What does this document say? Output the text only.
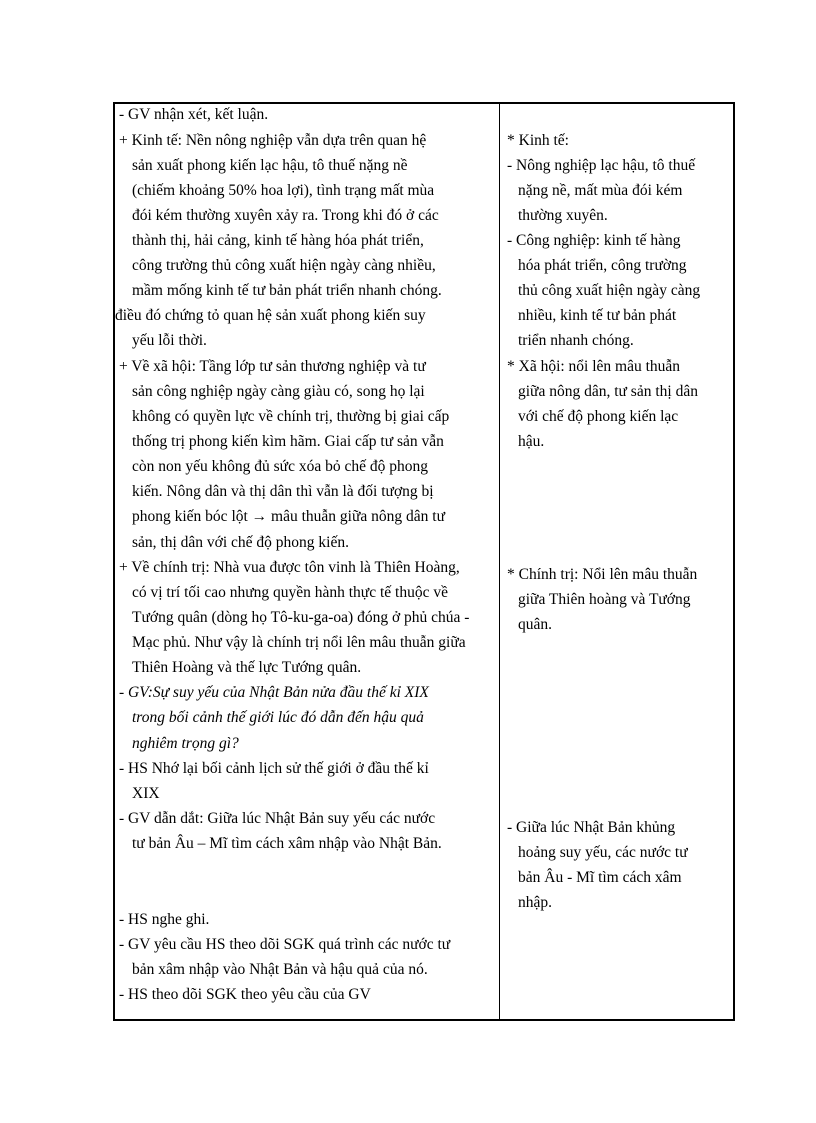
- GV nhận xét, kết luận.
+ Kinh tế: Nền nông nghiệp vẫn dựa trên quan hệ
sản xuất phong kiến lạc hậu, tô thuế nặng nề
(chiếm khoảng 50% hoa lợi), tình trạng mất mùa
đói kém thường xuyên xảy ra. Trong khi đó ở các
thành thị, hải cảng, kinh tế hàng hóa phát triển,
công trường thủ công xuất hiện ngày càng nhiều,
mầm mống kinh tế tư bản phát triển nhanh chóng.
điều đó chứng tỏ quan hệ sản xuất phong kiến suy
yếu lỗi thời.
+ Về xã hội: Tầng lớp tư sản thương nghiệp và tư
sản công nghiệp ngày càng giàu có, song họ lại
không có quyền lực về chính trị, thường bị giai cấp
thống trị phong kiến kìm hãm. Giai cấp tư sản vẫn
còn non yếu không đủ sức xóa bỏ chế độ phong
kiến. Nông dân và thị dân thì vẫn là đối tượng bị
phong kiến bóc lột → mâu thuẫn giữa nông dân tư
sản, thị dân với chế độ phong kiến.
+ Về chính trị: Nhà vua được tôn vinh là Thiên Hoàng,
có vị trí tối cao nhưng quyền hành thực tế thuộc về
Tướng quân (dòng họ Tô-ku-ga-oa) đóng ở phủ chúa -
Mạc phủ. Như vậy là chính trị nổi lên mâu thuẫn giữa
Thiên Hoàng và thế lực Tướng quân.
- GV:Sự suy yếu của Nhật Bản nửa đầu thế kỉ XIX
trong bối cảnh thế giới lúc đó dẫn đến hậu quả
nghiêm trọng gì?
- HS Nhớ lại bối cảnh lịch sử thế giới ở đầu thế kỉ
XIX
- GV dẫn dắt: Giữa lúc Nhật Bản suy yếu các nước
tư bản Âu – Mĩ tìm cách xâm nhập vào Nhật Bản.
- HS nghe ghi.
- GV yêu cầu HS theo dõi SGK quá trình các nước tư
bản xâm nhập vào Nhật Bản và hậu quả của nó.
- HS theo dõi SGK theo yêu cầu của GV
* Kinh tế:
- Nông nghiệp lạc hậu, tô thuế
nặng nề, mất mùa đói kém
thường xuyên.
- Công nghiệp: kinh tế hàng
hóa phát triển, công trường
thủ công xuất hiện ngày càng
nhiều, kinh tế tư bản phát
triển nhanh chóng.
* Xã hội: nổi lên mâu thuẫn
giữa nông dân, tư sản thị dân
với chế độ phong kiến lạc
hậu.
* Chính trị: Nổi lên mâu thuẫn
giữa Thiên hoàng và Tướng
quân.
- Giữa lúc Nhật Bản khủng
hoảng suy yếu, các nước tư
bản Âu - Mĩ tìm cách xâm
nhập.
